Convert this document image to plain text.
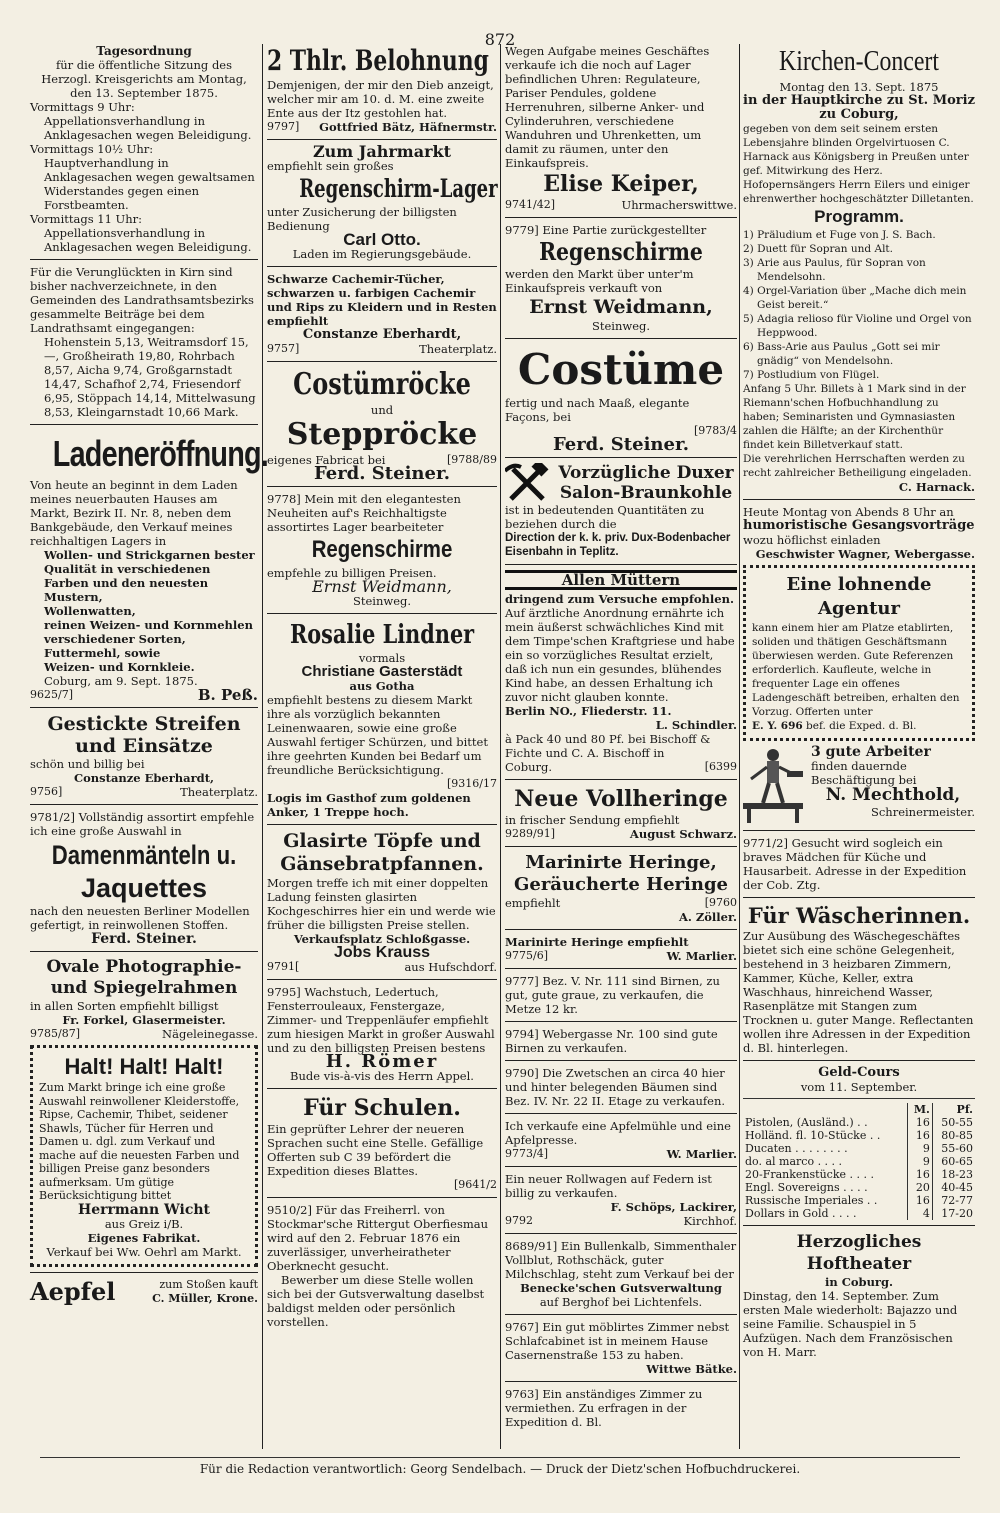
872
Tagesordnung
für die öffentliche Sitzung des Herzogl. Kreisgerichts am Montag, den 13. September 1875.
Vormittags 9 Uhr: Appellationsverhandlung in Anklagesachen wegen Beleidigung.
Vormittags 10½ Uhr: Hauptverhandlung in Anklagesachen wegen gewaltsamen Widerstandes gegen einen Forstbeamten.
Vormittags 11 Uhr: Appellationsverhandlung in Anklagesachen wegen Beleidigung.
Für die Verunglückten in Kirn sind bisher nachverzeichnete, in den Gemeinden des Landrathsamtsbezirks gesammelte Beiträge bei dem Landrathsamt eingegangen:
Hohenstein 5,13, Weitramsdorf 15,—, Großheirath 19,80, Rohrbach 8,57, Aicha 9,74, Großgarnstadt 14,47, Schafhof 2,74, Friesendorf 6,95, Stöppach 14,14, Mittelwasung 8,53, Kleingarnstadt 10,66 Mark.
Ladeneröffnung.
Von heute an beginnt in dem Laden meines neuerbauten Hauses am Markt, Bezirk II. Nr. 8, neben dem Bankgebäude, den Verkauf meines reichhaltigen Lagers in
Wollen- und Strickgarnen bester Qualität in verschiedenen Farben und den neuesten Mustern,
Wollenwatten,
reinen Weizen- und Kornmehlen verschiedener Sorten,
Futtermehl, sowie
Weizen- und Kornkleie.
Coburg, am 9. Sept. 1875.
9625/7]	B. Peß.
Gestickte Streifen und Einsätze
schön und billig bei
Constanze Eberhardt,
9756]	Theaterplatz.
9781/2] Vollständig assortirt empfehle ich eine große Auswahl in
Damenmänteln u.
Jaquettes
nach den neuesten Berliner Modellen gefertigt, in reinwollenen Stoffen.
Ferd. Steiner.
Ovale Photographie- und Spiegelrahmen
in allen Sorten empfiehlt billigst
Fr. Forkel, Glasermeister.
9785/87]	Nägeleinegasse.
Halt! Halt! Halt!
Zum Markt bringe ich eine große Auswahl reinwollener Kleiderstoffe, Ripse, Cachemir, Thibet, seidener Shawls, Tücher für Herren und Damen u. dgl. zum Verkauf und mache auf die neuesten Farben und billigen Preise ganz besonders aufmerksam. Um gütige Berücksichtigung bittet
Herrmann Wicht
aus Greiz i/B.
Eigenes Fabrikat.
Verkauf bei Ww. Oehrl am Markt.
Aepfel	zum Stoßen kauft
C. Müller, Krone.
2 Thlr. Belohnung
Demjenigen, der mir den Dieb anzeigt, welcher mir am 10. d. M. eine zweite Ente aus der Itz gestohlen hat.
9797] Gottfried Bätz, Häfnermstr.
Zum Jahrmarkt
empfiehlt sein großes
Regenschirm-Lager
unter Zusicherung der billigsten Bedienung
Carl Otto.
Laden im Regierungsgebäude.
Schwarze Cachemir-Tücher, schwarzen u. farbigen Cachemir und Rips zu Kleidern und in Resten empfiehlt
Constanze Eberhardt,
9757]	Theaterplatz.
Costümröcke
und
Steppröcke
eigenes Fabricat bei	[9788/89
Ferd. Steiner.
9778] Mein mit den elegantesten Neuheiten auf's Reichhaltigste assortirtes Lager bearbeiteter
Regenschirme
empfehle zu billigen Preisen.
Ernst Weidmann,
Steinweg.
Rosalie Lindner
vormals
Christiane Gasterstädt
aus Gotha
empfiehlt bestens zu diesem Markt ihre als vorzüglich bekannten Leinenwaaren, sowie eine große Auswahl fertiger Schürzen, und bittet ihre geehrten Kunden bei Bedarf um freundliche Berücksichtigung.
[9316/17
Logis im Gasthof zum goldenen Anker, 1 Treppe hoch.
Glasirte Töpfe und Gänsebratpfannen.
Morgen treffe ich mit einer doppelten Ladung feinsten glasirten Kochgeschirres hier ein und werde wie früher die billigsten Preise stellen.
Verkaufsplatz Schloßgasse.
Jobs Krauss
9791[	aus Hufschdorf.
9795] Wachstuch, Ledertuch, Fensterrouleaux, Fenstergaze, Zimmer- und Treppenläufer empfiehlt zum hiesigen Markt in großer Auswahl und zu den billigsten Preisen bestens
H. Römer
Bude vis-à-vis des Herrn Appel.
Für Schulen.
Ein geprüfter Lehrer der neueren Sprachen sucht eine Stelle. Gefällige Offerten sub C 39 befördert die Expedition dieses Blattes.
[9641/2
9510/2] Für das Freiherrl. von Stockmar'sche Rittergut Oberfiesmau wird auf den 2. Februar 1876 ein zuverlässiger, unverheiratheter Oberknecht gesucht.
Bewerber um diese Stelle wollen sich bei der Gutsverwaltung daselbst baldigst melden oder persönlich vorstellen.
Wegen Aufgabe meines Geschäftes verkaufe ich die noch auf Lager befindlichen Uhren: Regulateure, Pariser Pendules, goldene Herrenuhren, silberne Anker- und Cylinderuhren, verschiedene Wanduhren und Uhrenketten, um damit zu räumen, unter den Einkaufspreis.
Elise Keiper,
9741/42]	Uhrmacherswittwe.
9779] Eine Partie zurückgestellter
Regenschirme
werden den Markt über unter'm Einkaufspreis verkauft von
Ernst Weidmann,
Steinweg.
Costüme
fertig und nach Maaß, elegante Façons, bei
[9783/4
Ferd. Steiner.
Vorzügliche Duxer Salon-Braunkohle
ist in bedeutenden Quantitäten zu beziehen durch die
Direction der k. k. priv. Dux-Bodenbacher Eisenbahn in Teplitz.
Allen Müttern
dringend zum Versuche empfohlen.
Auf ärztliche Anordnung ernährte ich mein äußerst schwächliches Kind mit dem Timpe'schen Kraftgriese und habe ein so vorzügliches Resultat erzielt, daß ich nun ein gesundes, blühendes Kind habe, an dessen Erhaltung ich zuvor nicht glauben konnte.
Berlin NO., Fliederstr. 11.
L. Schindler.
à Pack 40 und 80 Pf. bei Bischoff & Fichte und C. A. Bischoff in
Coburg.	[6399
Neue Vollheringe
in frischer Sendung empfiehlt
9289/91]	August Schwarz.
Marinirte Heringe, Geräucherte Heringe
empfiehlt	[9760
A. Zöller.
Marinirte Heringe empfiehlt
9775/6]	W. Marlier.
9777] Bez. V. Nr. 111 sind Birnen, zu gut, gute graue, zu verkaufen, die Metze 12 kr.
9794] Webergasse Nr. 100 sind gute Birnen zu verkaufen.
9790] Die Zwetschen an circa 40 hier und hinter belegenden Bäumen sind Bez. IV. Nr. 22 II. Etage zu verkaufen.
Ich verkaufe eine Apfelmühle und eine Apfelpresse.
9773/4]	W. Marlier.
Ein neuer Rollwagen auf Federn ist billig zu verkaufen.
F. Schöps, Lackirer,
9792	Kirchhof.
8689/91] Ein Bullenkalb, Simmenthaler Vollblut, Rothschäck, guter Milchschlag, steht zum Verkauf bei der
Benecke'schen Gutsverwaltung
auf Berghof bei Lichtenfels.
9767] Ein gut möblirtes Zimmer nebst Schlafcabinet ist in meinem Hause Casernenstraße 153 zu haben.
Wittwe Bätke.
9763] Ein anständiges Zimmer zu vermiethen. Zu erfragen in der Expedition d. Bl.
Kirchen-Concert
Montag den 13. Sept. 1875
in der Hauptkirche zu St. Moriz
zu Coburg,
gegeben von dem seit seinem ersten Lebensjahre blinden Orgelvirtuosen C. Harnack aus Königsberg in Preußen unter gef. Mitwirkung des Herz. Hofopernsängers Herrn Eilers und einiger ehrenwerther hochgeschätzter Dilletanten.
Programm.
1) Präludium et Fuge von J. S. Bach.
2) Duett für Sopran und Alt.
3) Arie aus Paulus, für Sopran von Mendelsohn.
4) Orgel-Variation über „Mache dich mein Geist bereit.“
5) Adagia relioso für Violine und Orgel von Heppwood.
6) Bass-Arie aus Paulus „Gott sei mir gnädig“ von Mendelsohn.
7) Postludium von Flügel.
Anfang 5 Uhr. Billets à 1 Mark sind in der Riemann'schen Hofbuchhandlung zu haben; Seminaristen und Gymnasiasten zahlen die Hälfte; an der Kirchenthür findet kein Billetverkauf statt.
Die verehrlichen Herrschaften werden zu recht zahlreicher Betheiligung eingeladen.
C. Harnack.
Heute Montag von Abends 8 Uhr an
humoristische Gesangsvorträge
wozu höflichst einladen
Geschwister Wagner, Webergasse.
Eine lohnende Agentur
kann einem hier am Platze etablirten, soliden und thätigen Geschäftsmann überwiesen werden. Gute Referenzen erforderlich. Kaufleute, welche in frequenter Lage ein offenes Ladengeschäft betreiben, erhalten den Vorzug. Offerten unter
E. Y. 696 bef. die Exped. d. Bl.
3 gute Arbeiter
finden dauernde Beschäftigung bei
N. Mechthold,
Schreinermeister.
9771/2] Gesucht wird sogleich ein braves Mädchen für Küche und Hausarbeit. Adresse in der Expedition der Cob. Ztg.
Für Wäscherinnen.
Zur Ausübung des Wäschegeschäftes bietet sich eine schöne Gelegenheit, bestehend in 3 heizbaren Zimmern, Kammer, Küche, Keller, extra Waschhaus, hinreichend Wasser, Rasenplätze mit Stangen zum Trocknen u. guter Mange. Reflectanten wollen ihre Adressen in der Expedition d. Bl. hinterlegen.
Geld-Cours
vom 11. September.
	M.	Pf.
Pistolen, (Ausländ.) . .	16	50-55
Holländ. fl. 10-Stücke . .	16	80-85
Ducaten . . . . . . . .	9	55-60
do. al marco . . . .	9	60-65
20-Frankenstücke . . . .	16	18-23
Engl. Sovereigns . . . .	20	40-45
Russische Imperiales . .	16	72-77
Dollars in Gold . . . .	4	17-20
Herzogliches Hoftheater
in Coburg.
Dinstag, den 14. September. Zum ersten Male wiederholt: Bajazzo und seine Familie. Schauspiel in 5 Aufzügen. Nach dem Französischen von H. Marr.
Für die Redaction verantwortlich: Georg Sendelbach. — Druck der Dietz'schen Hofbuchdruckerei.
